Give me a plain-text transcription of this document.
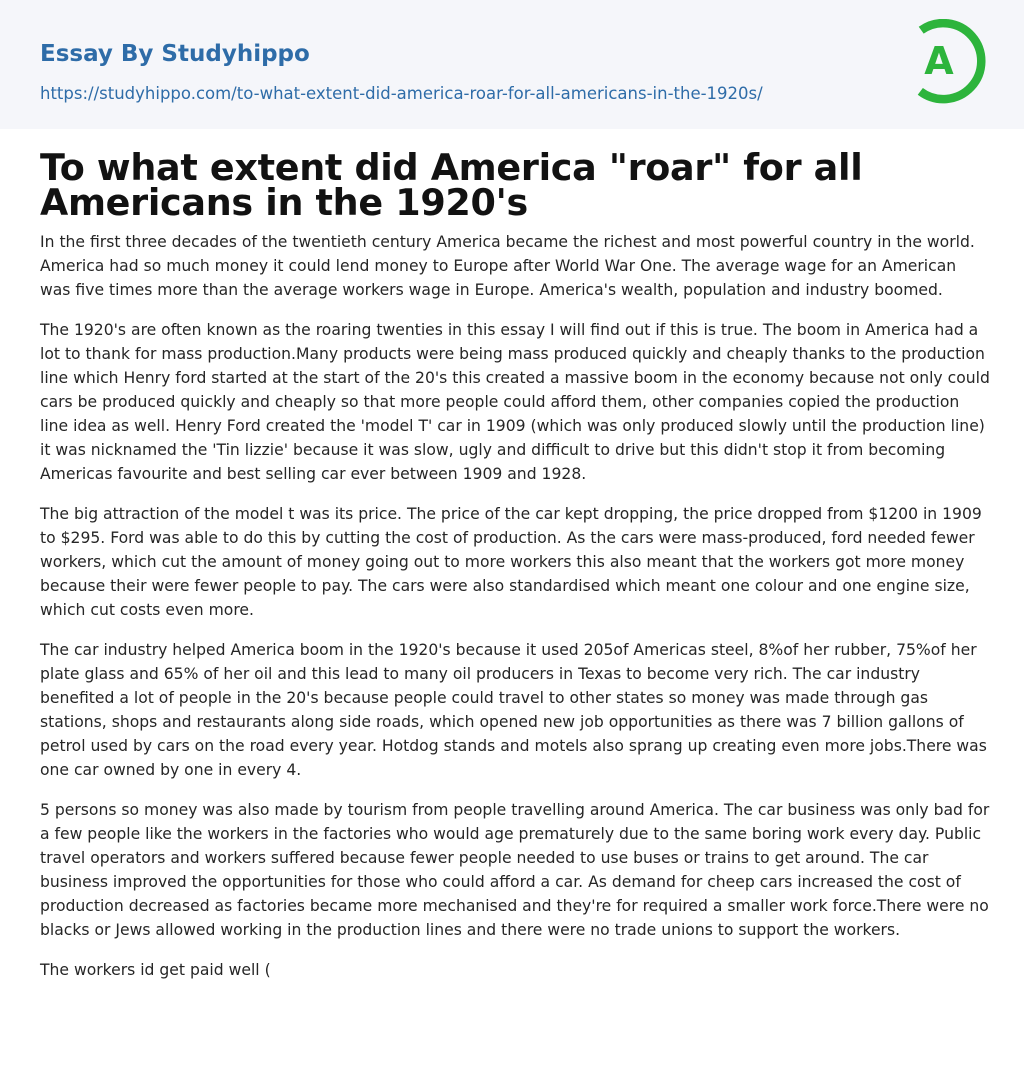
Essay By Studyhippo
https://studyhippo.com/to-what-extent-did-america-roar-for-all-americans-in-the-1920s/
A
To what extent did America "roar" for all Americans in the 1920's

In the first three decades of the twentieth century America became the richest and most powerful country in the world. America had so much money it could lend money to Europe after World War One. The average wage for an American was five times more than the average workers wage in Europe. America's wealth, population and industry boomed.

The 1920's are often known as the roaring twenties in this essay I will find out if this is true. The boom in America had a lot to thank for mass production.Many products were being mass produced quickly and cheaply thanks to the production line which Henry ford started at the start of the 20's this created a massive boom in the economy because not only could cars be produced quickly and cheaply so that more people could afford them, other companies copied the production line idea as well. Henry Ford created the 'model T' car in 1909 (which was only produced slowly until the production line) it was nicknamed the 'Tin lizzie' because it was slow, ugly and difficult to drive but this didn't stop it from becoming Americas favourite and best selling car ever between 1909 and 1928.

The big attraction of the model t was its price. The price of the car kept dropping, the price dropped from $1200 in 1909 to $295. Ford was able to do this by cutting the cost of production. As the cars were mass-produced, ford needed fewer workers, which cut the amount of money going out to more workers this also meant that the workers got more money because their were fewer people to pay. The cars were also standardised which meant one colour and one engine size, which cut costs even more.

The car industry helped America boom in the 1920's because it used 205of Americas steel, 8%of her rubber, 75%of her plate glass and 65% of her oil and this lead to many oil producers in Texas to become very rich. The car industry benefited a lot of people in the 20's because people could travel to other states so money was made through gas stations, shops and restaurants along side roads, which opened new job opportunities as there was 7 billion gallons of petrol used by cars on the road every year. Hotdog stands and motels also sprang up creating even more jobs.There was one car owned by one in every 4.

5 persons so money was also made by tourism from people travelling around America. The car business was only bad for a few people like the workers in the factories who would age prematurely due to the same boring work every day. Public travel operators and workers suffered because fewer people needed to use buses or trains to get around. The car business improved the opportunities for those who could afford a car. As demand for cheep cars increased the cost of production decreased as factories became more mechanised and they're for required a smaller work force.There were no blacks or Jews allowed working in the production lines and there were no trade unions to support the workers.

The workers id get paid well (
